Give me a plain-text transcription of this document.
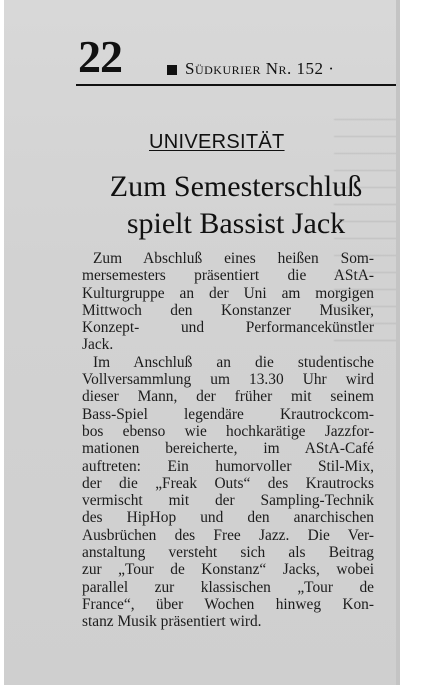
22	Südkurier Nr. 152 ·
UNIVERSITÄT
Zum Semesterschluß
spielt Bassist Jack

Zum Abschluß eines heißen Som-
mersemesters präsentiert die AStA-
Kulturgruppe an der Uni am morgigen
Mittwoch den Konstanzer Musiker,
Konzept- und Performancekünstler
Jack.

Im Anschluß an die studentische
Vollversammlung um 13.30 Uhr wird
dieser Mann, der früher mit seinem
Bass-Spiel legendäre Krautrockcom-
bos ebenso wie hochkarätige Jazzfor-
mationen bereicherte, im AStA-Café
auftreten: Ein humorvoller Stil-Mix,
der die „Freak Outs“ des Krautrocks
vermischt mit der Sampling-Technik
des HipHop und den anarchischen
Ausbrüchen des Free Jazz. Die Ver-
anstaltung versteht sich als Beitrag
zur „Tour de Konstanz“ Jacks, wobei
parallel zur klassischen „Tour de
France“, über Wochen hinweg Kon-
stanz Musik präsentiert wird.
